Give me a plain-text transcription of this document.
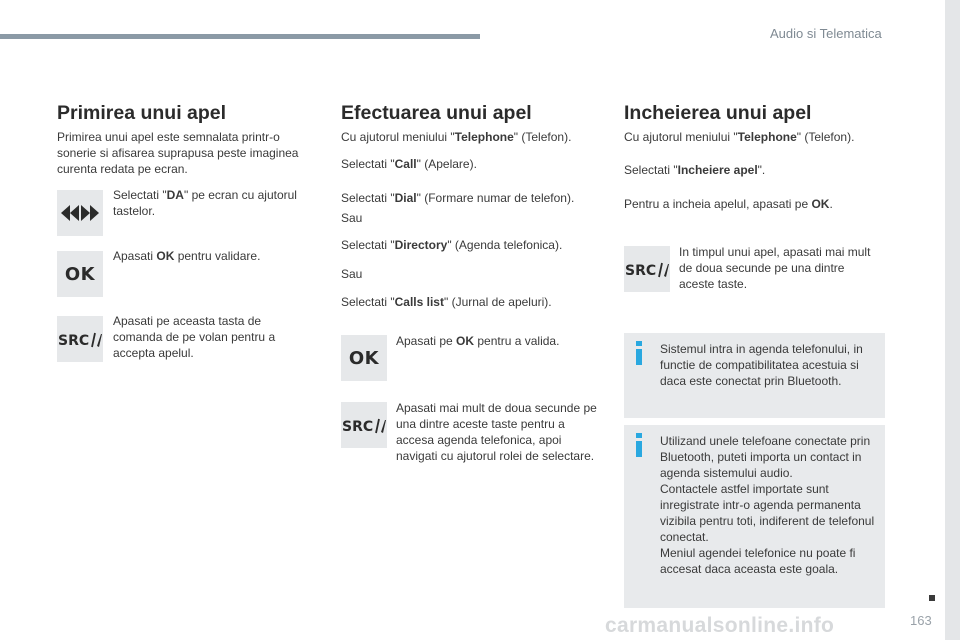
Audio si Telematica
Primirea unui apel
Primirea unui apel este semnalata printr-o sonerie si afisarea suprapusa peste imaginea curenta redata pe ecran.
Selectati "DA" pe ecran cu ajutorul tastelor.
OK
Apasati OK pentru validare.
SRC
Apasati pe aceasta tasta de comanda de pe volan pentru a accepta apelul.
Efectuarea unui apel
Cu ajutorul meniului "Telephone" (Telefon).
Selectati "Call" (Apelare).
Selectati "Dial" (Formare numar de telefon).
Sau
Selectati "Directory" (Agenda telefonica).
Sau
Selectati "Calls list" (Jurnal de apeluri).
OK
Apasati pe OK pentru a valida.
SRC
Apasati mai mult de doua secunde pe una dintre aceste taste pentru a accesa agenda telefonica, apoi navigati cu ajutorul rolei de selectare.
Incheierea unui apel
Cu ajutorul meniului "Telephone" (Telefon).
Selectati "Incheiere apel".
Pentru a incheia apelul, apasati pe OK.
SRC
In timpul unui apel, apasati mai mult de doua secunde pe una dintre aceste taste.
Sistemul intra in agenda telefonului, in functie de compatibilitatea acestuia si daca este conectat prin Bluetooth.
Utilizand unele telefoane conectate prin Bluetooth, puteti importa un contact in agenda sistemului audio.
Contactele astfel importate sunt inregistrate intr-o agenda permanenta vizibila pentru toti, indiferent de telefonul conectat.
Meniul agendei telefonice nu poate fi accesat daca aceasta este goala.
carmanualsonline.info	163
